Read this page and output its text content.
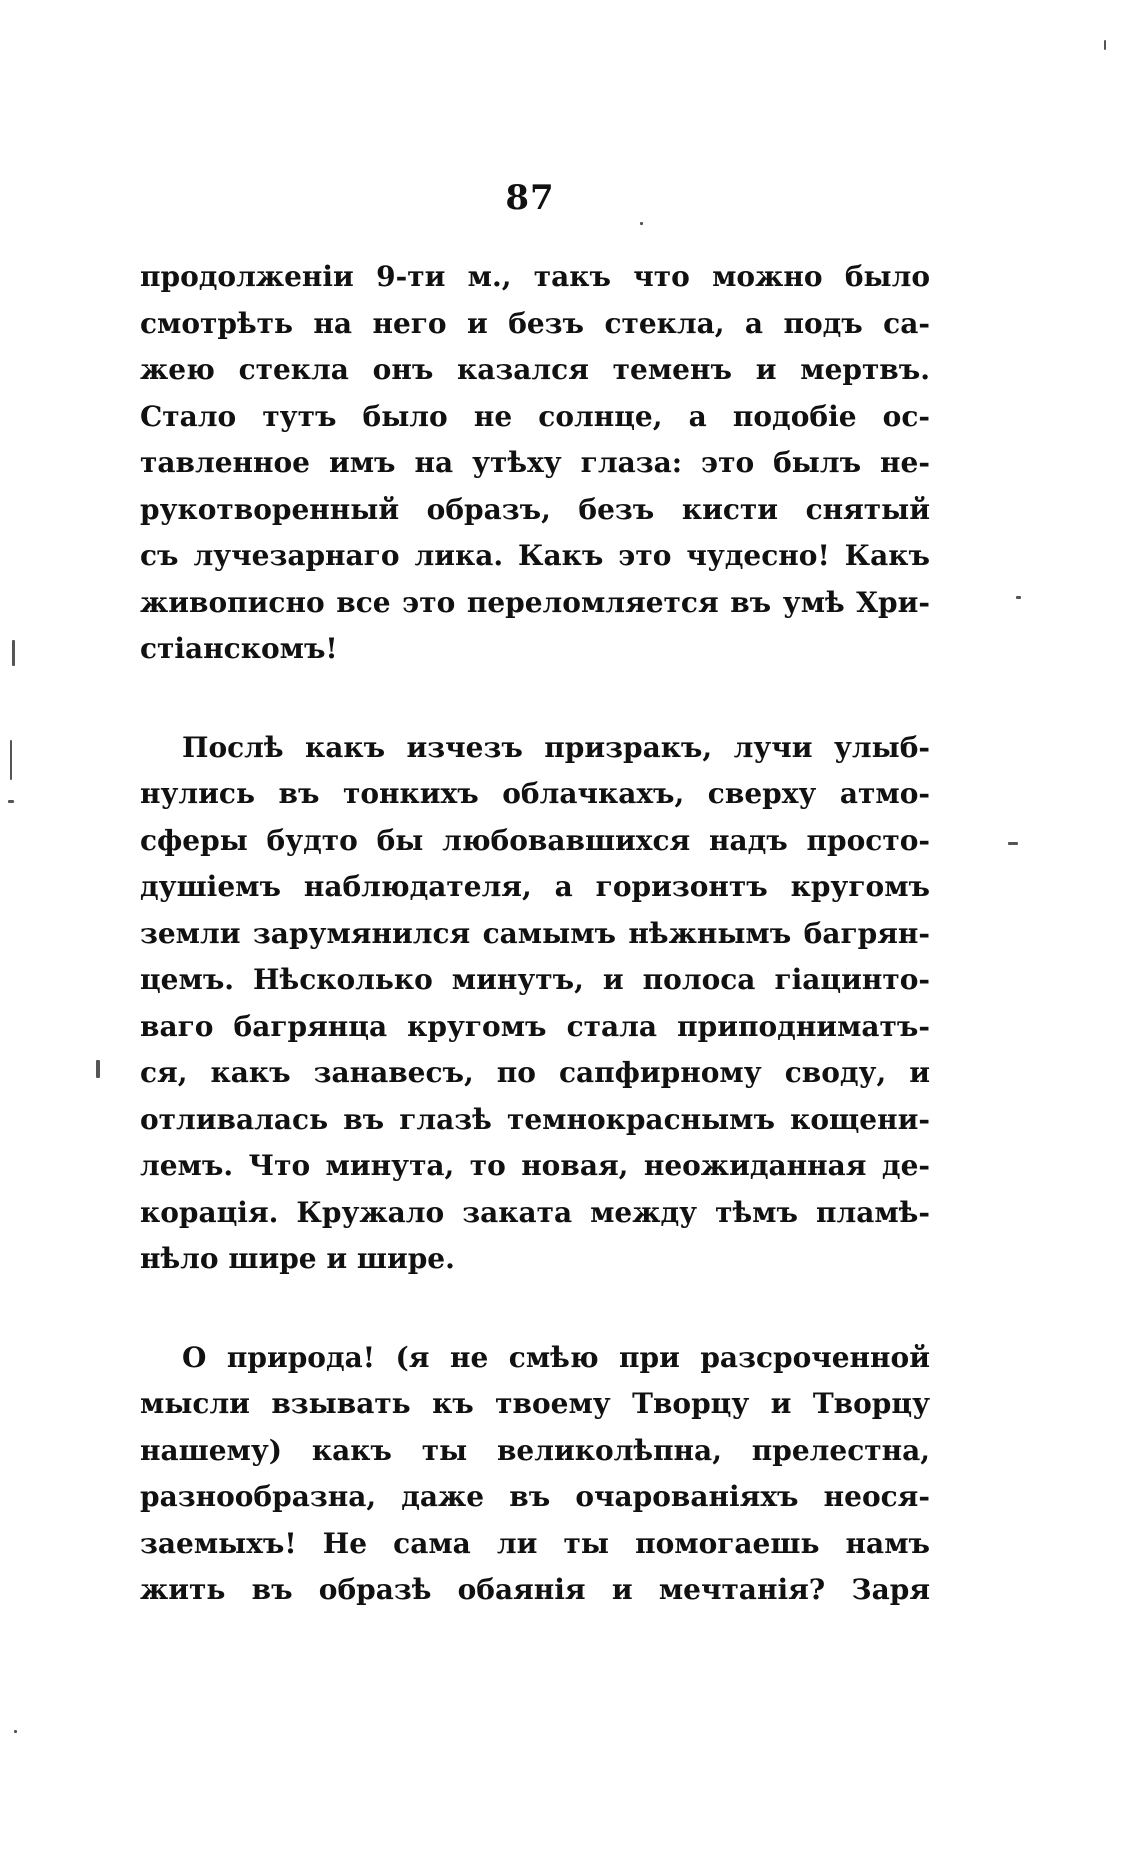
87

продолженiи 9-ти м., такъ что можно было
смотрѣть на него и безъ стекла, а подъ са-
жею стекла онъ казался теменъ и мертвъ.
Стало тутъ было не солнце, а подобiе ос-
тавленное имъ на утѣху глаза: это былъ не-
рукотворенный образъ, безъ кисти снятый
съ лучезарнаго лика. Какъ это чудесно! Какъ
живописно все это переломляется въ умѣ Хри-
стiанскомъ!

Послѣ какъ изчезъ призракъ, лучи улыб-
нулись въ тонкихъ облачкахъ, сверху атмо-
сферы будто бы любовавшихся надъ просто-
душiемъ наблюдателя, а горизонтъ кругомъ
земли зарумянился самымъ нѣжнымъ багрян-
цемъ. Нѣсколько минутъ, и полоса гiацинто-
ваго багрянца кругомъ стала приподниматъ-
ся, какъ занавесъ, по сапфирному своду, и
отливалась въ глазѣ темнокраснымъ кощени-
лемъ. Что минута, то новая, неожиданная де-
корацiя. Кружало заката между тѣмъ пламѣ-
нѣло шире и шире.

О природа! (я не смѣю при разсроченной
мысли взывать къ твоему Творцу и Творцу
нашему) какъ ты великолѣпна, прелестна,
разнообразна, даже въ очарованiяхъ неося-
заемыхъ! Не сама ли ты помогаешь намъ
жить въ образѣ обаянiя и мечтанiя? Заря
